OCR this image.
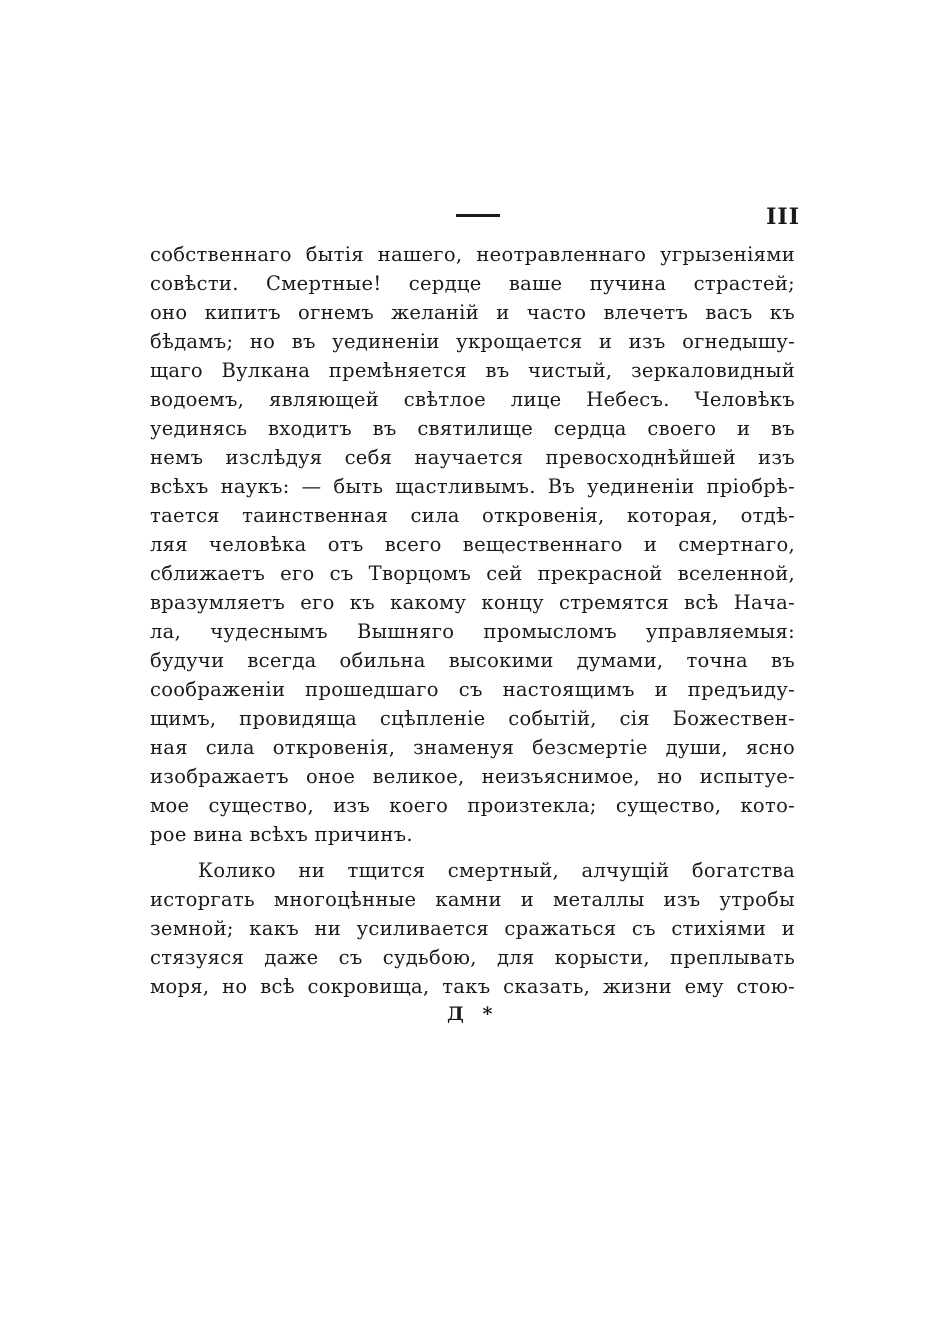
III
собственнаго бытія нашего, неотравленнаго угрызеніями
совѣсти. Смертные! сердце ваше пучина страстей;
оно кипитъ огнемъ желаній и часто влечетъ васъ къ
бѣдамъ; но въ уединеніи укрощается и изъ огнедышу-
щаго Вулкана премѣняется въ чистый, зеркаловидный
водоемъ, являющей свѣтлое лице Небесъ. Человѣкъ
уединясь входитъ въ святилище сердца своего и въ
немъ изслѣдуя себя научается превосходнѣйшей изъ
всѣхъ наукъ: — быть щастливымъ. Въ уединеніи пріобрѣ-
тается таинственная сила откровенія, которая, отдѣ-
ляя человѣка отъ всего вещественнаго и смертнаго,
сближаетъ его съ Творцомъ сей прекрасной вселенной,
вразумляетъ его къ какому концу стремятся всѣ Нача-
ла, чудеснымъ Вышняго промысломъ управляемыя:
будучи всегда обильна высокими думами, точна въ
соображеніи прошедшаго съ настоящимъ и предъиду-
щимъ, провидяща сцѣпленіе событій, сія Божествен-
ная сила откровенія, знаменуя безсмертіе души, ясно
изображаетъ оное великое, неизъяснимое, но испытуе-
мое существо, изъ коего произтекла; существо, кото-
рое вина всѣхъ причинъ.
Колико ни тщится смертный, алчущій богатства
исторгать многоцѣнные камни и металлы изъ утробы
земной; какъ ни усиливается сражаться съ стихіями и
стязуяся даже съ судьбою, для корысти, преплывать
моря, но всѣ сокровища, такъ сказать, жизни ему стою-
Д *
